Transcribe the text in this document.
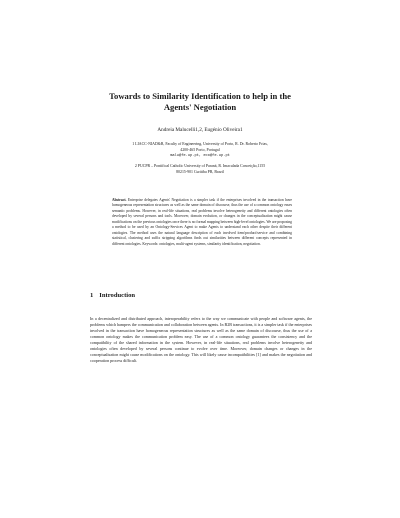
Towards to Similarity Identification to help in the
Agents' Negotiation
Andreia Malucelli1,2, Eugénio Oliveira1
1 LIACC-NIAD&R, Faculty of Engineering, University of Porto, R. Dr. Roberto Frias,
4200-465 Porto, Portugal
malu@fe.up.pt, eco@fe.up.pt
2 PUCPR – Pontifical Catholic University of Paraná, R. Imaculada Conceição,1155
80215-901 Curitiba PR, Brazil
Abstract. Enterprise delegates Agents' Negotiation is a simpler task if the enterprises involved in the transaction have homogeneous representation structures as well as the same domain of discourse, thus the use of a common ontology eases semantic problems. However, in real-life situations, real problems involve heterogeneity and different ontologies often developed by several persons and tools. Moreover, domain evolution, or changes in the conceptualisation might cause modifications on the previous ontologies once there is no formal mapping between high-level ontologies. We are proposing a method to be used by an Ontology-Services Agent to make Agents to understand each other despite their different ontologies. The method uses the natural language description of each involved item/product/service and combining statistical, clustering and suffix stripping algorithms finds out similarities between different concepts represented in different ontologies. Keywords: ontologies, multi-agent systems, similarity identification, negotiation.
1 Introduction
In a decentralized and distributed approach, interoperability refers to the way we communicate with people and software agents, the problems which hampers the communication and collaboration between agents. In B2B transactions, it is a simpler task if the enterprises involved in the transaction have homogeneous representation structures as well as the same domain of discourse, thus the use of a common ontology makes the communication problem easy. The use of a common ontology guarantees the consistency and the compatibility of the shared information in the system. However, in real-life situations, real problems involve heterogeneity and ontologies often developed by several persons continue to evolve over time. Moreover, domain changes or changes in the conceptualisation might cause modifications on the ontology. This will likely cause incompatibilities [1] and makes the negotiation and cooperation process difficult.
